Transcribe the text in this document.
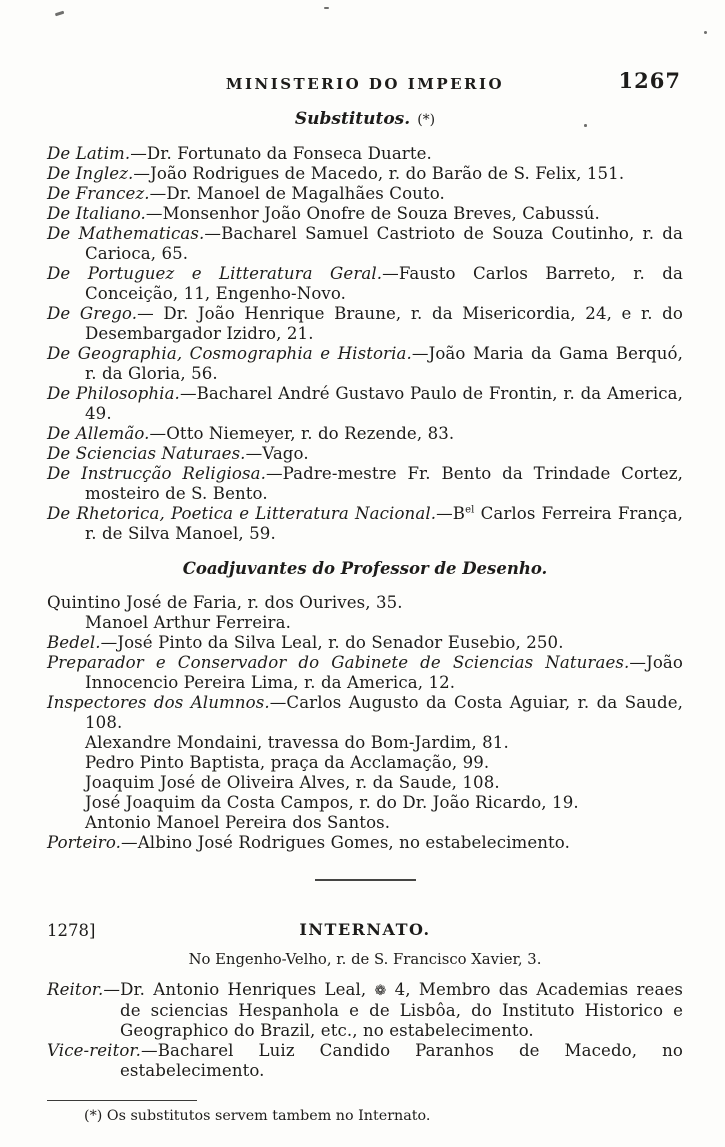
MINISTERIO DO IMPERIO	1267
Substitutos. (*)

De Latim.—Dr. Fortunato da Fonseca Duarte.

De Inglez.—João Rodrigues de Macedo, r. do Barão de S. Felix, 151.

De Francez.—Dr. Manoel de Magalhães Couto.

De Italiano.—Monsenhor João Onofre de Souza Breves, Cabussú.

De Mathematicas.—Bacharel Samuel Castrioto de Souza Coutinho, r. da Carioca, 65.

De Portuguez e Litteratura Geral.—Fausto Carlos Barreto, r. da Conceição, 11, Engenho-Novo.

De Grego.— Dr. João Henrique Braune, r. da Misericordia, 24, e r. do Desembargador Izidro, 21.

De Geographia, Cosmographia e Historia.—João Maria da Gama Berquó, r. da Gloria, 56.

De Philosophia.—Bacharel André Gustavo Paulo de Frontin, r. da America, 49.

De Allemão.—Otto Niemeyer, r. do Rezende, 83.

De Sciencias Naturaes.—Vago.

De Instrucção Religiosa.—Padre-mestre Fr. Bento da Trindade Cortez, mosteiro de S. Bento.

De Rhetorica, Poetica e Litteratura $Nacional.—B^{el}$ Carlos Ferreira França, r. de Silva Manoel, 59.

Coadjuvantes do Professor de Desenho.

Quintino José de Faria, r. dos Ourives, 35.

Manoel Arthur Ferreira.

Bedel.—José Pinto da Silva Leal, r. do Senador Eusebio, 250.

Preparador e Conservador do Gabinete de Sciencias Naturaes.—João Innocencio Pereira Lima, r. da America, 12.

Inspectores dos Alumnos.—Carlos Augusto da Costa Aguiar, r. da Saude, 108.

Alexandre Mondaini, travessa do Bom-Jardim, 81.

Pedro Pinto Baptista, praça da Acclamação, 99.

Joaquim José de Oliveira Alves, r. da Saude, 108.

José Joaquim da Costa Campos, r. do Dr. João Ricardo, 19.

Antonio Manoel Pereira dos Santos.

Porteiro.—Albino José Rodrigues Gomes, no estabelecimento.

1278]	INTERNATO.
No Engenho-Velho, r. de S. Francisco Xavier, 3.

Reitor.—Dr. Antonio Henriques Leal, ❁ 4, Membro das Academias reaes de sciencias Hespanhola e de Lisbôa, do Instituto Historico e Geographico do Brazil, etc., no estabelecimento.

Vice-reitor.—Bacharel Luiz Candido Paranhos de Macedo, no estabelecimento.

(*) Os substitutos servem tambem no Internato.
